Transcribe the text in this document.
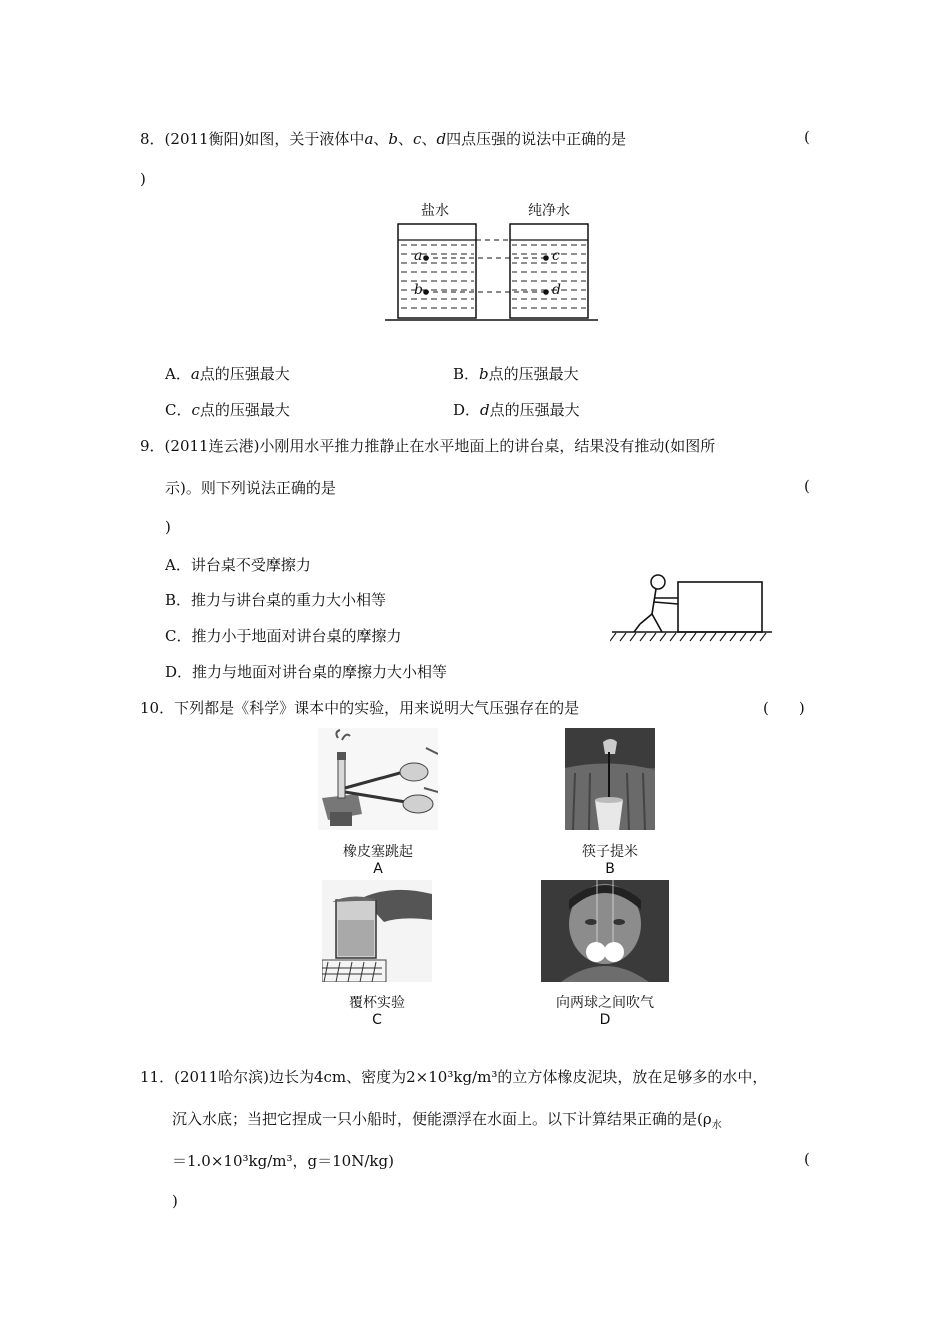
8．(2011衡阳)如图，关于液体中a、b、c、d四点压强的说法中正确的是	(
)
盐水	纯净水
a
b
c
d
A．a点的压强最大	B．b点的压强最大
C．c点的压强最大	D．d点的压强最大
9．(2011连云港)小刚用水平推力推静止在水平地面上的讲台桌，结果没有推动(如图所
示)。则下列说法正确的是	(
)
A．讲台桌不受摩擦力
B．推力与讲台桌的重力大小相等
C．推力小于地面对讲台桌的摩擦力
D．推力与地面对讲台桌的摩擦力大小相等
10．下列都是《科学》课本中的实验，用来说明大气压强存在的是	(　　)
橡皮塞跳起
A
筷子提米
B
覆杯实验
C
向两球之间吹气
D
11．(2011哈尔滨)边长为4cm、密度为2×10³kg/m³的立方体橡皮泥块，放在足够多的水中，
沉入水底；当把它捏成一只小船时，便能漂浮在水面上。以下计算结果正确的是($\rho_水$
＝1.0×10³kg/m³，g＝10N/kg)	(
)
